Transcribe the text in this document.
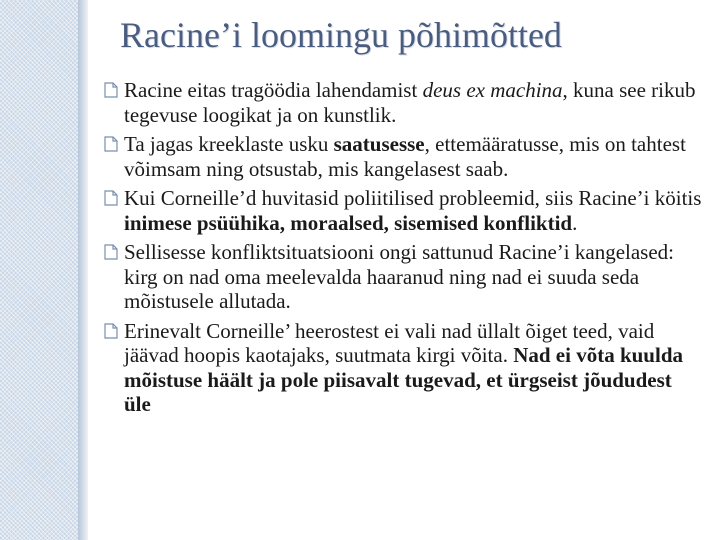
Racine’i loomingu põhimõtted
Racine eitas tragöödia lahendamist deus ex machina, kuna see rikub tegevuse loogikat ja on kunstlik.
Ta jagas kreeklaste usku saatusesse, ettemääratusse, mis on tahtest võimsam ning otsustab, mis kangelasest saab.
Kui Corneille’d huvitasid poliitilised probleemid, siis Racine’i köitis inimese psüühika, moraalsed, sisemised konfliktid.
Sellisesse konfliktsituatsiooni ongi sattunud Racine’i kangelased: kirg on nad oma meelevalda haaranud ning nad ei suuda seda mõistusele allutada.
Erinevalt Corneille’ heerostest ei vali nad üllalt õiget teed, vaid jäävad hoopis kaotajaks, suutmata kirgi võita. Nad ei võta kuulda mõistuse häält ja pole piisavalt tugevad, et ürgseist jõududest üle
